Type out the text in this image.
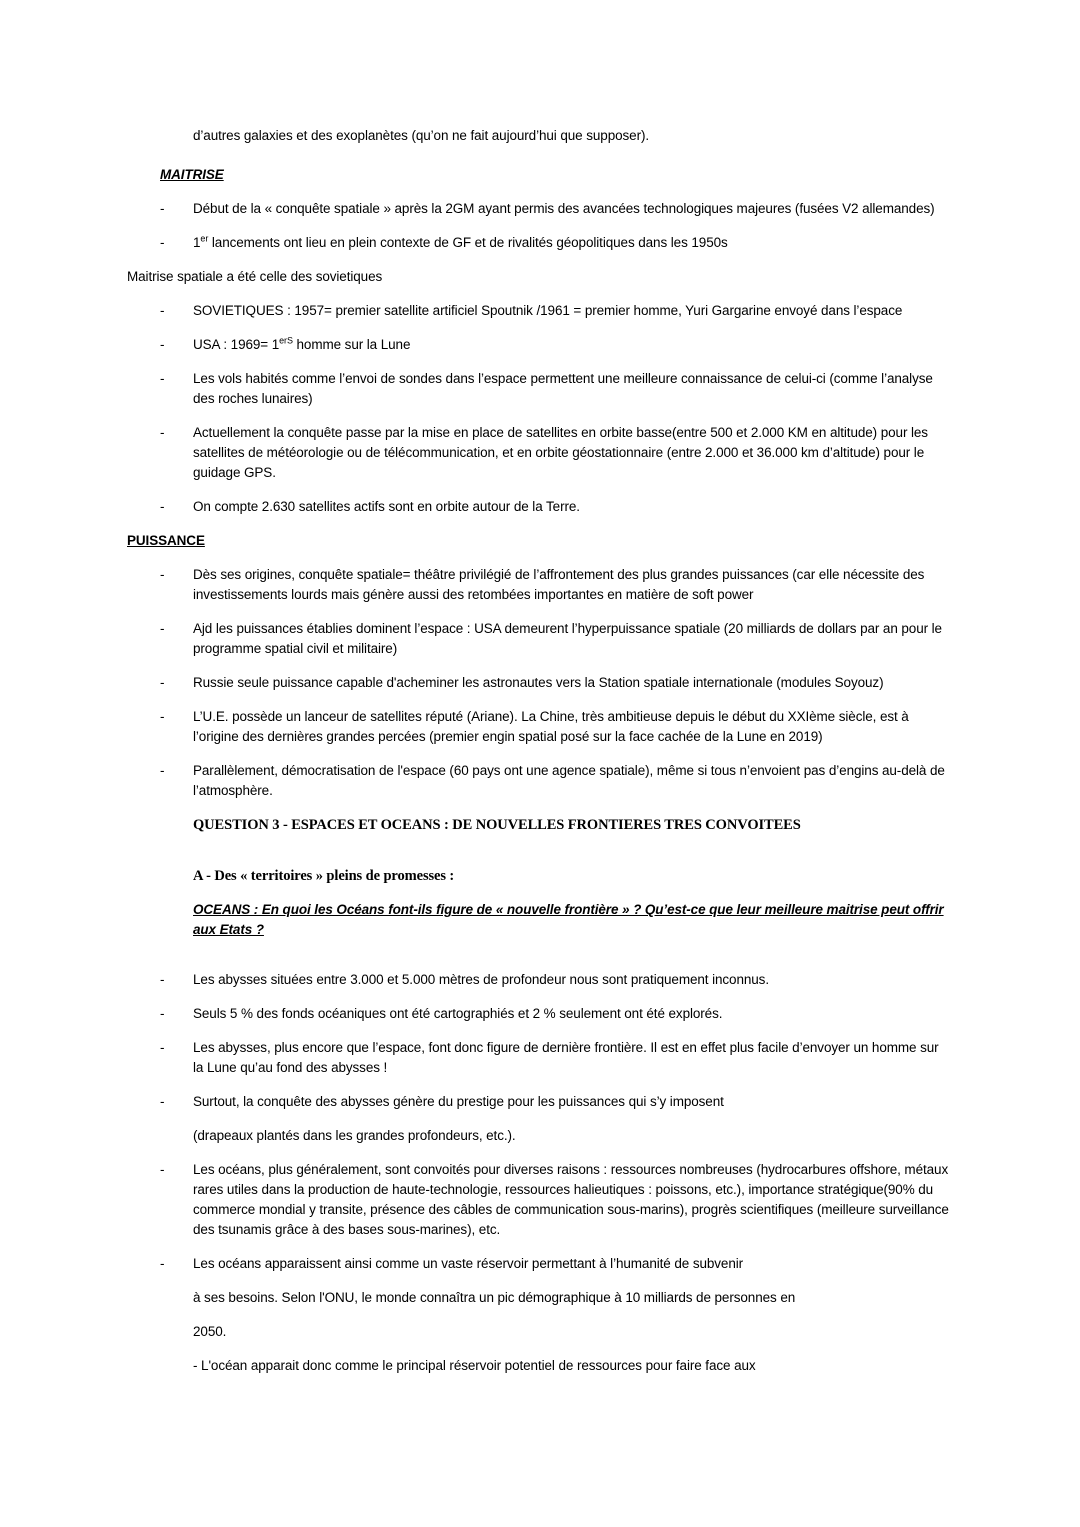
d’autres galaxies et des exoplanètes (qu’on ne fait aujourd’hui que supposer).
MAITRISE
-	Début de la « conquête spatiale » après la 2GM ayant permis des avancées technologiques majeures (fusées V2 allemandes)
-	1er lancements ont lieu en plein contexte de GF et de rivalités géopolitiques dans les 1950s
Maitrise spatiale a été celle des sovietiques
-	SOVIETIQUES : 1957= premier satellite artificiel Spoutnik /1961 = premier homme, Yuri Gargarine envoyé dans l’espace
-	USA : 1969= 1erS homme sur la Lune
-	Les vols habités comme l’envoi de sondes dans l’espace permettent une meilleure connaissance de celui-ci (comme l’analyse des roches lunaires)
-	Actuellement la conquête passe par la mise en place de satellites en orbite basse(entre 500 et 2.000 KM en altitude) pour les satellites de météorologie ou de télécommunication, et en orbite géostationnaire (entre 2.000 et 36.000 km d’altitude) pour le guidage GPS.
-	On compte 2.630 satellites actifs sont en orbite autour de la Terre.
PUISSANCE
-	Dès ses origines, conquête spatiale= théâtre privilégié de l’affrontement des plus grandes puissances (car elle nécessite des investissements lourds mais génère aussi des retombées importantes en matière de soft power
-	Ajd les puissances établies dominent l’espace : USA demeurent l’hyperpuissance spatiale (20 milliards de dollars par an pour le programme spatial civil et militaire)
-	Russie seule puissance capable d'acheminer les astronautes vers la Station spatiale internationale (modules Soyouz)
-	L’U.E. possède un lanceur de satellites réputé (Ariane). La Chine, très ambitieuse depuis le début du XXIème siècle, est à l’origine des dernières grandes percées (premier engin spatial posé sur la face cachée de la Lune en 2019)
-	Parallèlement, démocratisation de l'espace (60 pays ont une agence spatiale), même si tous n’envoient pas d’engins au-delà de l’atmosphère.
QUESTION 3 - ESPACES ET OCEANS : DE NOUVELLES FRONTIERES TRES CONVOITEES
A - Des « territoires » pleins de promesses :
OCEANS : En quoi les Océans font-ils figure de « nouvelle frontière » ? Qu’est-ce que leur meilleure maitrise peut offrir aux Etats ?
-	Les abysses situées entre 3.000 et 5.000 mètres de profondeur nous sont pratiquement inconnus.
-	Seuls 5 % des fonds océaniques ont été cartographiés et 2 % seulement ont été explorés.
-	Les abysses, plus encore que l’espace, font donc figure de dernière frontière. Il est en effet plus facile d’envoyer un homme sur la Lune qu’au fond des abysses !
-	Surtout, la conquête des abysses génère du prestige pour les puissances qui s’y imposent
(drapeaux plantés dans les grandes profondeurs, etc.).
-	Les océans, plus généralement, sont convoités pour diverses raisons : ressources nombreuses (hydrocarbures offshore, métaux rares utiles dans la production de haute-technologie, ressources halieutiques : poissons, etc.), importance stratégique(90% du commerce mondial y transite, présence des câbles de communication sous-marins), progrès scientifiques (meilleure surveillance des tsunamis grâce à des bases sous-marines), etc.
-	Les océans apparaissent ainsi comme un vaste réservoir permettant à l’humanité de subvenir
à ses besoins. Selon l'ONU, le monde connaîtra un pic démographique à 10 milliards de personnes en
2050.
- L'océan apparait donc comme le principal réservoir potentiel de ressources pour faire face aux
